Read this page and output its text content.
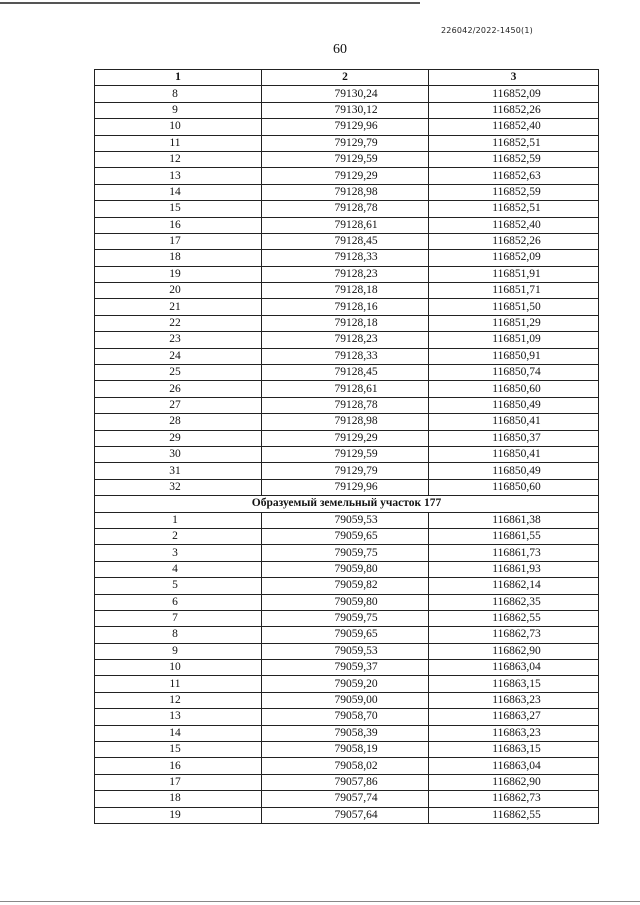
226042/2022-1450(1)
60
1	2	3
8	79130,24	116852,09
9	79130,12	116852,26
10	79129,96	116852,40
11	79129,79	116852,51
12	79129,59	116852,59
13	79129,29	116852,63
14	79128,98	116852,59
15	79128,78	116852,51
16	79128,61	116852,40
17	79128,45	116852,26
18	79128,33	116852,09
19	79128,23	116851,91
20	79128,18	116851,71
21	79128,16	116851,50
22	79128,18	116851,29
23	79128,23	116851,09
24	79128,33	116850,91
25	79128,45	116850,74
26	79128,61	116850,60
27	79128,78	116850,49
28	79128,98	116850,41
29	79129,29	116850,37
30	79129,59	116850,41
31	79129,79	116850,49
32	79129,96	116850,60
Образуемый земельный участок 177		
1	79059,53	116861,38
2	79059,65	116861,55
3	79059,75	116861,73
4	79059,80	116861,93
5	79059,82	116862,14
6	79059,80	116862,35
7	79059,75	116862,55
8	79059,65	116862,73
9	79059,53	116862,90
10	79059,37	116863,04
11	79059,20	116863,15
12	79059,00	116863,23
13	79058,70	116863,27
14	79058,39	116863,23
15	79058,19	116863,15
16	79058,02	116863,04
17	79057,86	116862,90
18	79057,74	116862,73
19	79057,64	116862,55
